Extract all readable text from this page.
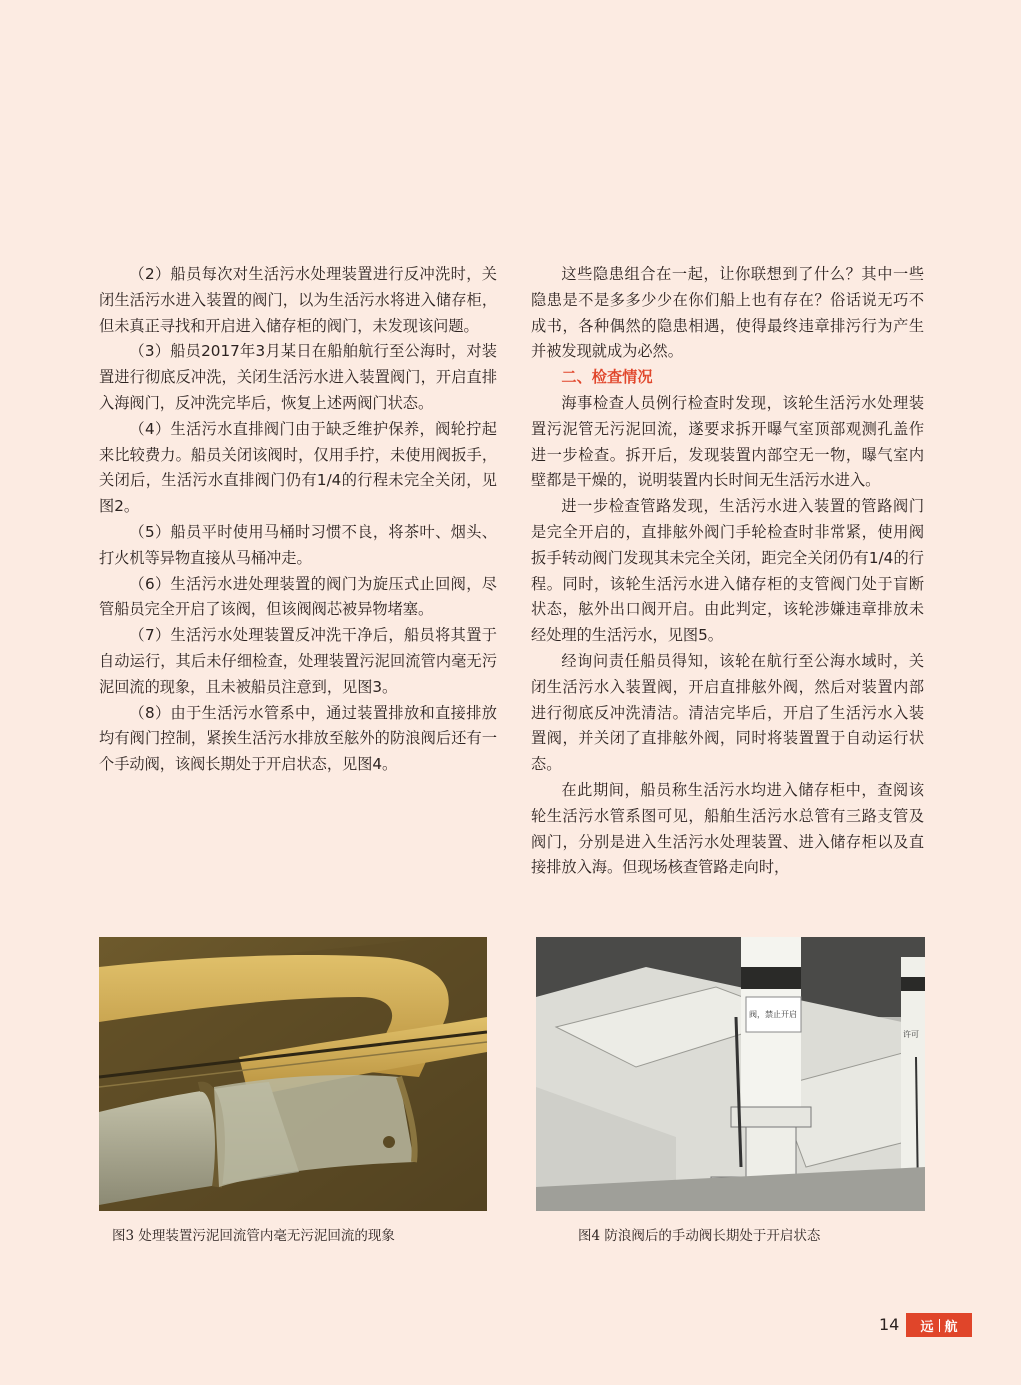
（2）船员每次对生活污水处理装置进行反冲洗时，关闭生活污水进入装置的阀门，以为生活污水将进入储存柜，但未真正寻找和开启进入储存柜的阀门，未发现该问题。

（3）船员2017年3月某日在船舶航行至公海时，对装置进行彻底反冲洗，关闭生活污水进入装置阀门，开启直排入海阀门，反冲洗完毕后，恢复上述两阀门状态。

（4）生活污水直排阀门由于缺乏维护保养，阀轮拧起来比较费力。船员关闭该阀时，仅用手拧，未使用阀扳手，关闭后，生活污水直排阀门仍有1/4的行程未完全关闭，见图2。

（5）船员平时使用马桶时习惯不良，将茶叶、烟头、打火机等异物直接从马桶冲走。

（6）生活污水进处理装置的阀门为旋压式止回阀，尽管船员完全开启了该阀，但该阀阀芯被异物堵塞。

（7）生活污水处理装置反冲洗干净后，船员将其置于自动运行，其后未仔细检查，处理装置污泥回流管内毫无污泥回流的现象，且未被船员注意到，见图3。

（8）由于生活污水管系中，通过装置排放和直接排放均有阀门控制，紧挨生活污水排放至舷外的防浪阀后还有一个手动阀，该阀长期处于开启状态，见图4。

这些隐患组合在一起，让你联想到了什么？其中一些隐患是不是多多少少在你们船上也有存在？俗话说无巧不成书，各种偶然的隐患相遇，使得最终违章排污行为产生并被发现就成为必然。

二、检查情况

海事检查人员例行检查时发现，该轮生活污水处理装置污泥管无污泥回流，遂要求拆开曝气室顶部观测孔盖作进一步检查。拆开后，发现装置内部空无一物，曝气室内壁都是干燥的，说明装置内长时间无生活污水进入。

进一步检查管路发现，生活污水进入装置的管路阀门是完全开启的，直排舷外阀门手轮检查时非常紧，使用阀扳手转动阀门发现其未完全关闭，距完全关闭仍有1/4的行程。同时，该轮生活污水进入储存柜的支管阀门处于盲断状态，舷外出口阀开启。由此判定，该轮涉嫌违章排放未经处理的生活污水，见图5。

经询问责任船员得知，该轮在航行至公海水域时，关闭生活污水入装置阀，开启直排舷外阀，然后对装置内部进行彻底反冲洗清洁。清洁完毕后，开启了生活污水入装置阀，并关闭了直排舷外阀，同时将装置置于自动运行状态。

在此期间，船员称生活污水均进入储存柜中，查阅该轮生活污水管系图可见，船舶生活污水总管有三路支管及阀门，分别是进入生活污水处理装置、进入储存柜以及直接排放入海。但现场核查管路走向时，

阀，禁止开启
许可
图3 处理装置污泥回流管内毫无污泥回流的现象	图4 防浪阀后的手动阀长期处于开启状态
14 远 航
